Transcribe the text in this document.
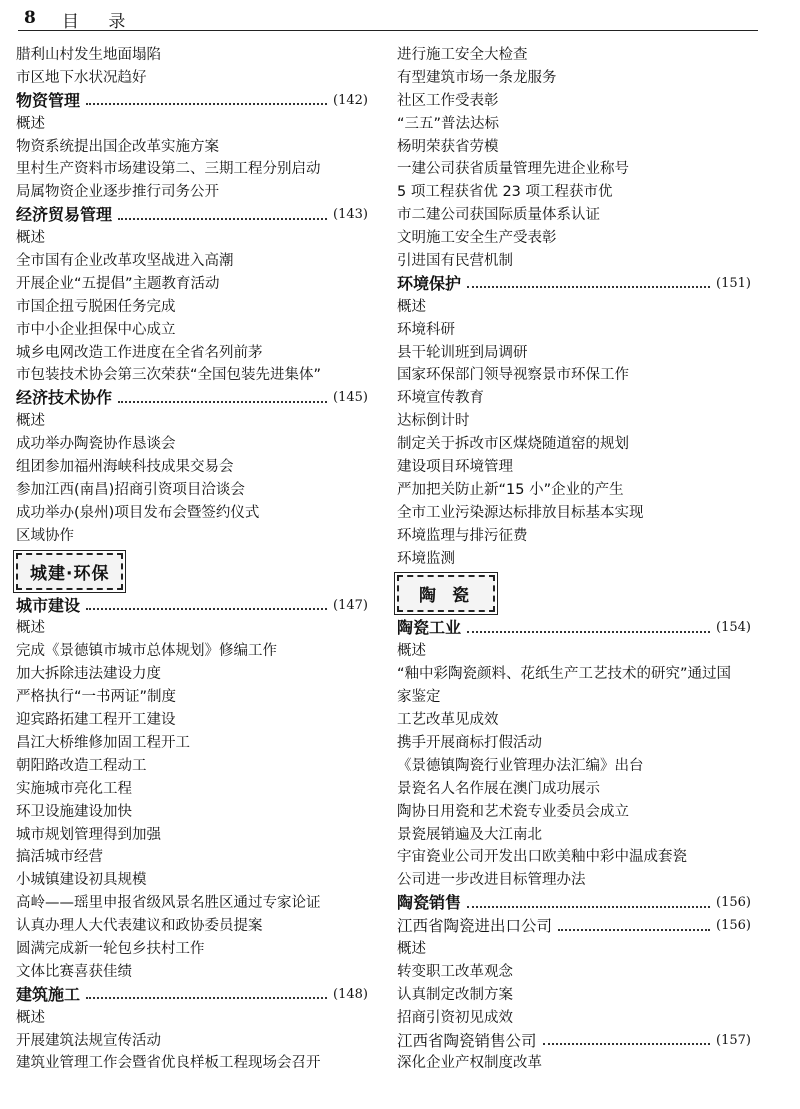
8 目 录
腊利山村发生地面塌陷
市区地下水状况趋好
物资管理	(142)
概述
物资系统提出国企改革实施方案
里村生产资料市场建设第二、三期工程分别启动
局属物资企业逐步推行司务公开
经济贸易管理	(143)
概述
全市国有企业改革攻坚战进入高潮
开展企业“五提倡”主题教育活动
市国企扭亏脱困任务完成
市中小企业担保中心成立
城乡电网改造工作进度在全省名列前茅
市包装技术协会第三次荣获“全国包装先进集体”
经济技术协作	(145)
概述
成功举办陶瓷协作恳谈会
组团参加福州海峡科技成果交易会
参加江西(南昌)招商引资项目洽谈会
成功举办(泉州)项目发布会暨签约仪式
区域协作
城建·环保
城市建设	(147)
概述
完成《景德镇市城市总体规划》修编工作
加大拆除违法建设力度
严格执行“一书两证”制度
迎宾路拓建工程开工建设
昌江大桥维修加固工程开工
朝阳路改造工程动工
实施城市亮化工程
环卫设施建设加快
城市规划管理得到加强
搞活城市经营
小城镇建设初具规模
高岭——瑶里申报省级风景名胜区通过专家论证
认真办理人大代表建议和政协委员提案
圆满完成新一轮包乡扶村工作
文体比赛喜获佳绩
建筑施工	(148)
概述
开展建筑法规宣传活动
建筑业管理工作会暨省优良样板工程现场会召开
进行施工安全大检查
有型建筑市场一条龙服务
社区工作受表彰
“三五”普法达标
杨明荣获省劳模
一建公司获省质量管理先进企业称号
5 项工程获省优 23 项工程获市优
市二建公司获国际质量体系认证
文明施工安全生产受表彰
引进国有民营机制
环境保护	(151)
概述
环境科研
县干轮训班到局调研
国家环保部门领导视察景市环保工作
环境宣传教育
达标倒计时
制定关于拆改市区煤烧随道窑的规划
建设项目环境管理
严加把关防止新“15 小”企业的产生
全市工业污染源达标排放目标基本实现
环境监理与排污征费
环境监测
陶瓷
陶瓷工业	(154)
概述
“釉中彩陶瓷颜料、花纸生产工艺技术的研究”通过国
家鉴定
工艺改革见成效
携手开展商标打假活动
《景德镇陶瓷行业管理办法汇编》出台
景瓷名人名作展在澳门成功展示
陶协日用瓷和艺术瓷专业委员会成立
景瓷展销遍及大江南北
宇宙瓷业公司开发出口欧美釉中彩中温成套瓷
公司进一步改进目标管理办法
陶瓷销售	(156)
江西省陶瓷进出口公司	(156)
概述
转变职工改革观念
认真制定改制方案
招商引资初见成效
江西省陶瓷销售公司	(157)
深化企业产权制度改革
